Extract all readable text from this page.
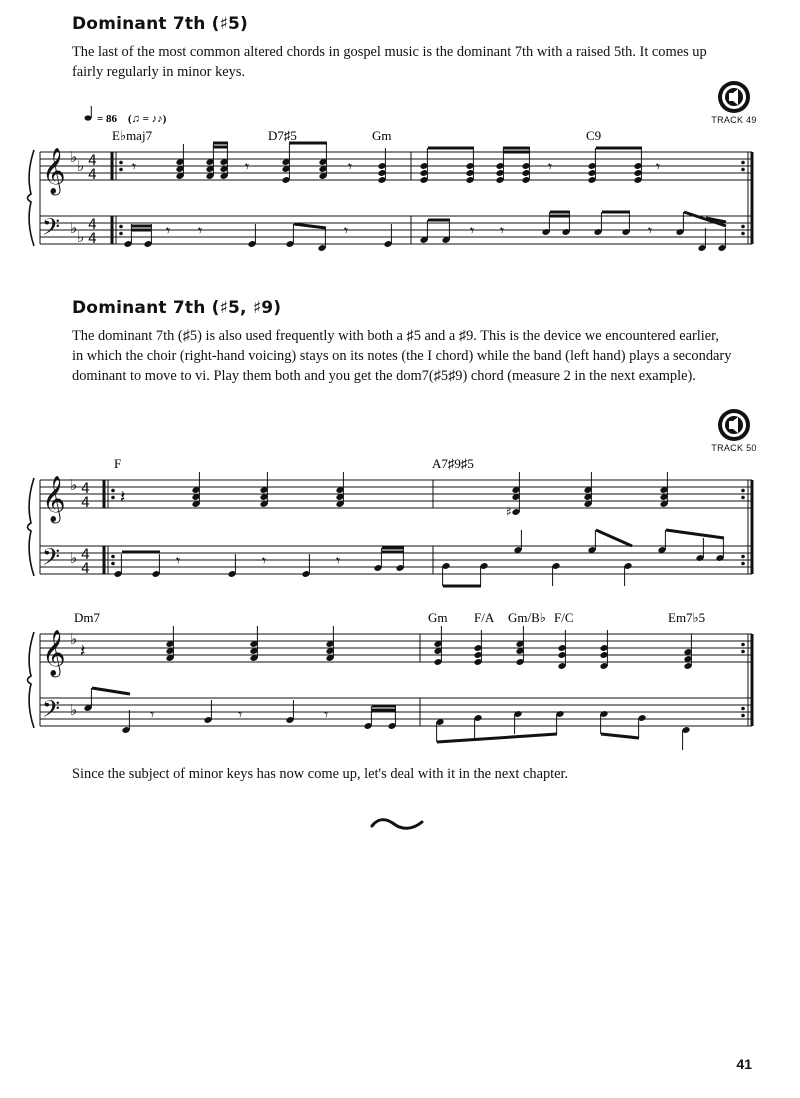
Dominant 7th (♯5)
The last of the most common altered chords in gospel music is the dominant 7th with a raised 5th. It comes up fairly regularly in minor keys.
TRACK 49
Dominant 7th (♯5, ♯9)
The dominant 7th (♯5) is also used frequently with both a ♯5 and a ♯9. This is the device we encountered earlier, in which the choir (right-hand voicing) stays on its notes (the I chord) while the band (left hand) plays a secondary dominant to move to vi. Play them both and you get the dom7(♯5♯9) chord (measure 2 in the next example).
TRACK 50
Since the subject of minor keys has now come up, let's deal with it in the next chapter.
41
= 86 (♫ = ♪♪)
E♭maj7	D7♯5	Gm	C9
F	A7♯9♯5
Dm7	Gm F/A Gm/B♭ F/C	Em7♭5
𝄞
𝄢
♭
♭
♭
♭
4
4
4
4
𝄾	𝄾	𝄾	𝄾	𝄾
𝄾 𝄾	𝄾	𝄾 𝄾	𝄾
𝄞
𝄢
♭
♭
4
4
4
4
𝄽
♯
𝄾	𝄾	𝄾
𝄞
𝄢
♭
♭
𝄽
𝄾	𝄾	𝄾
